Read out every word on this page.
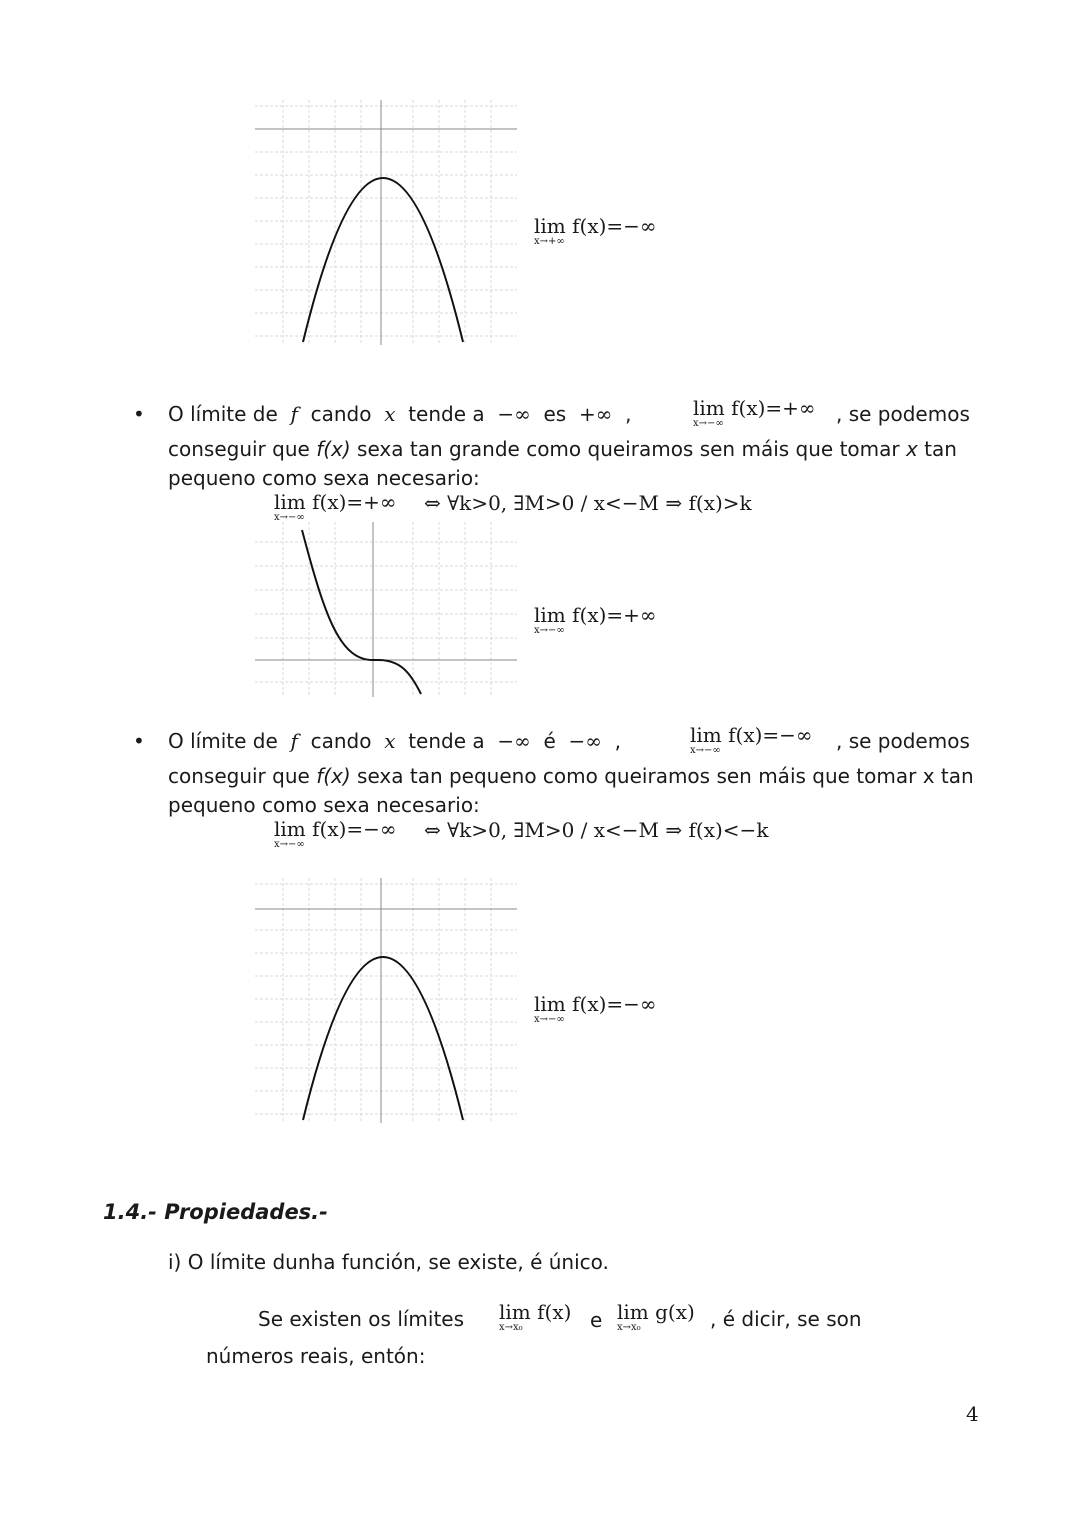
lim f(x)=−∞
x→+∞
• O límite de f cando x tende a −∞ es +∞ ,	lim f(x)=+∞
x→−∞	, se podemos
conseguir que f(x) sexa tan grande como queiramos sen máis que tomar x tan
pequeno como sexa necesario:
lim f(x)=+∞
x→−∞
⇔ ∀k>0, ∃M>0 / x<−M ⇒ f(x)>k
lim f(x)=+∞
x→−∞
• O límite de f cando x tende a −∞ é −∞ ,	lim f(x)=−∞
x→−∞	, se podemos
conseguir que f(x) sexa tan pequeno como queiramos sen máis que tomar x tan
pequeno como sexa necesario:
lim f(x)=−∞
x→−∞
⇔ ∀k>0, ∃M>0 / x<−M ⇒ f(x)<−k
lim f(x)=−∞
x→−∞
1.4.- Propiedades.-
i) O límite dunha función, se existe, é único.
Se existen os límites lim f(x)
x→x₀	e lim g(x)
x→x₀	, é dicir, se son
números reais, entón:
4
